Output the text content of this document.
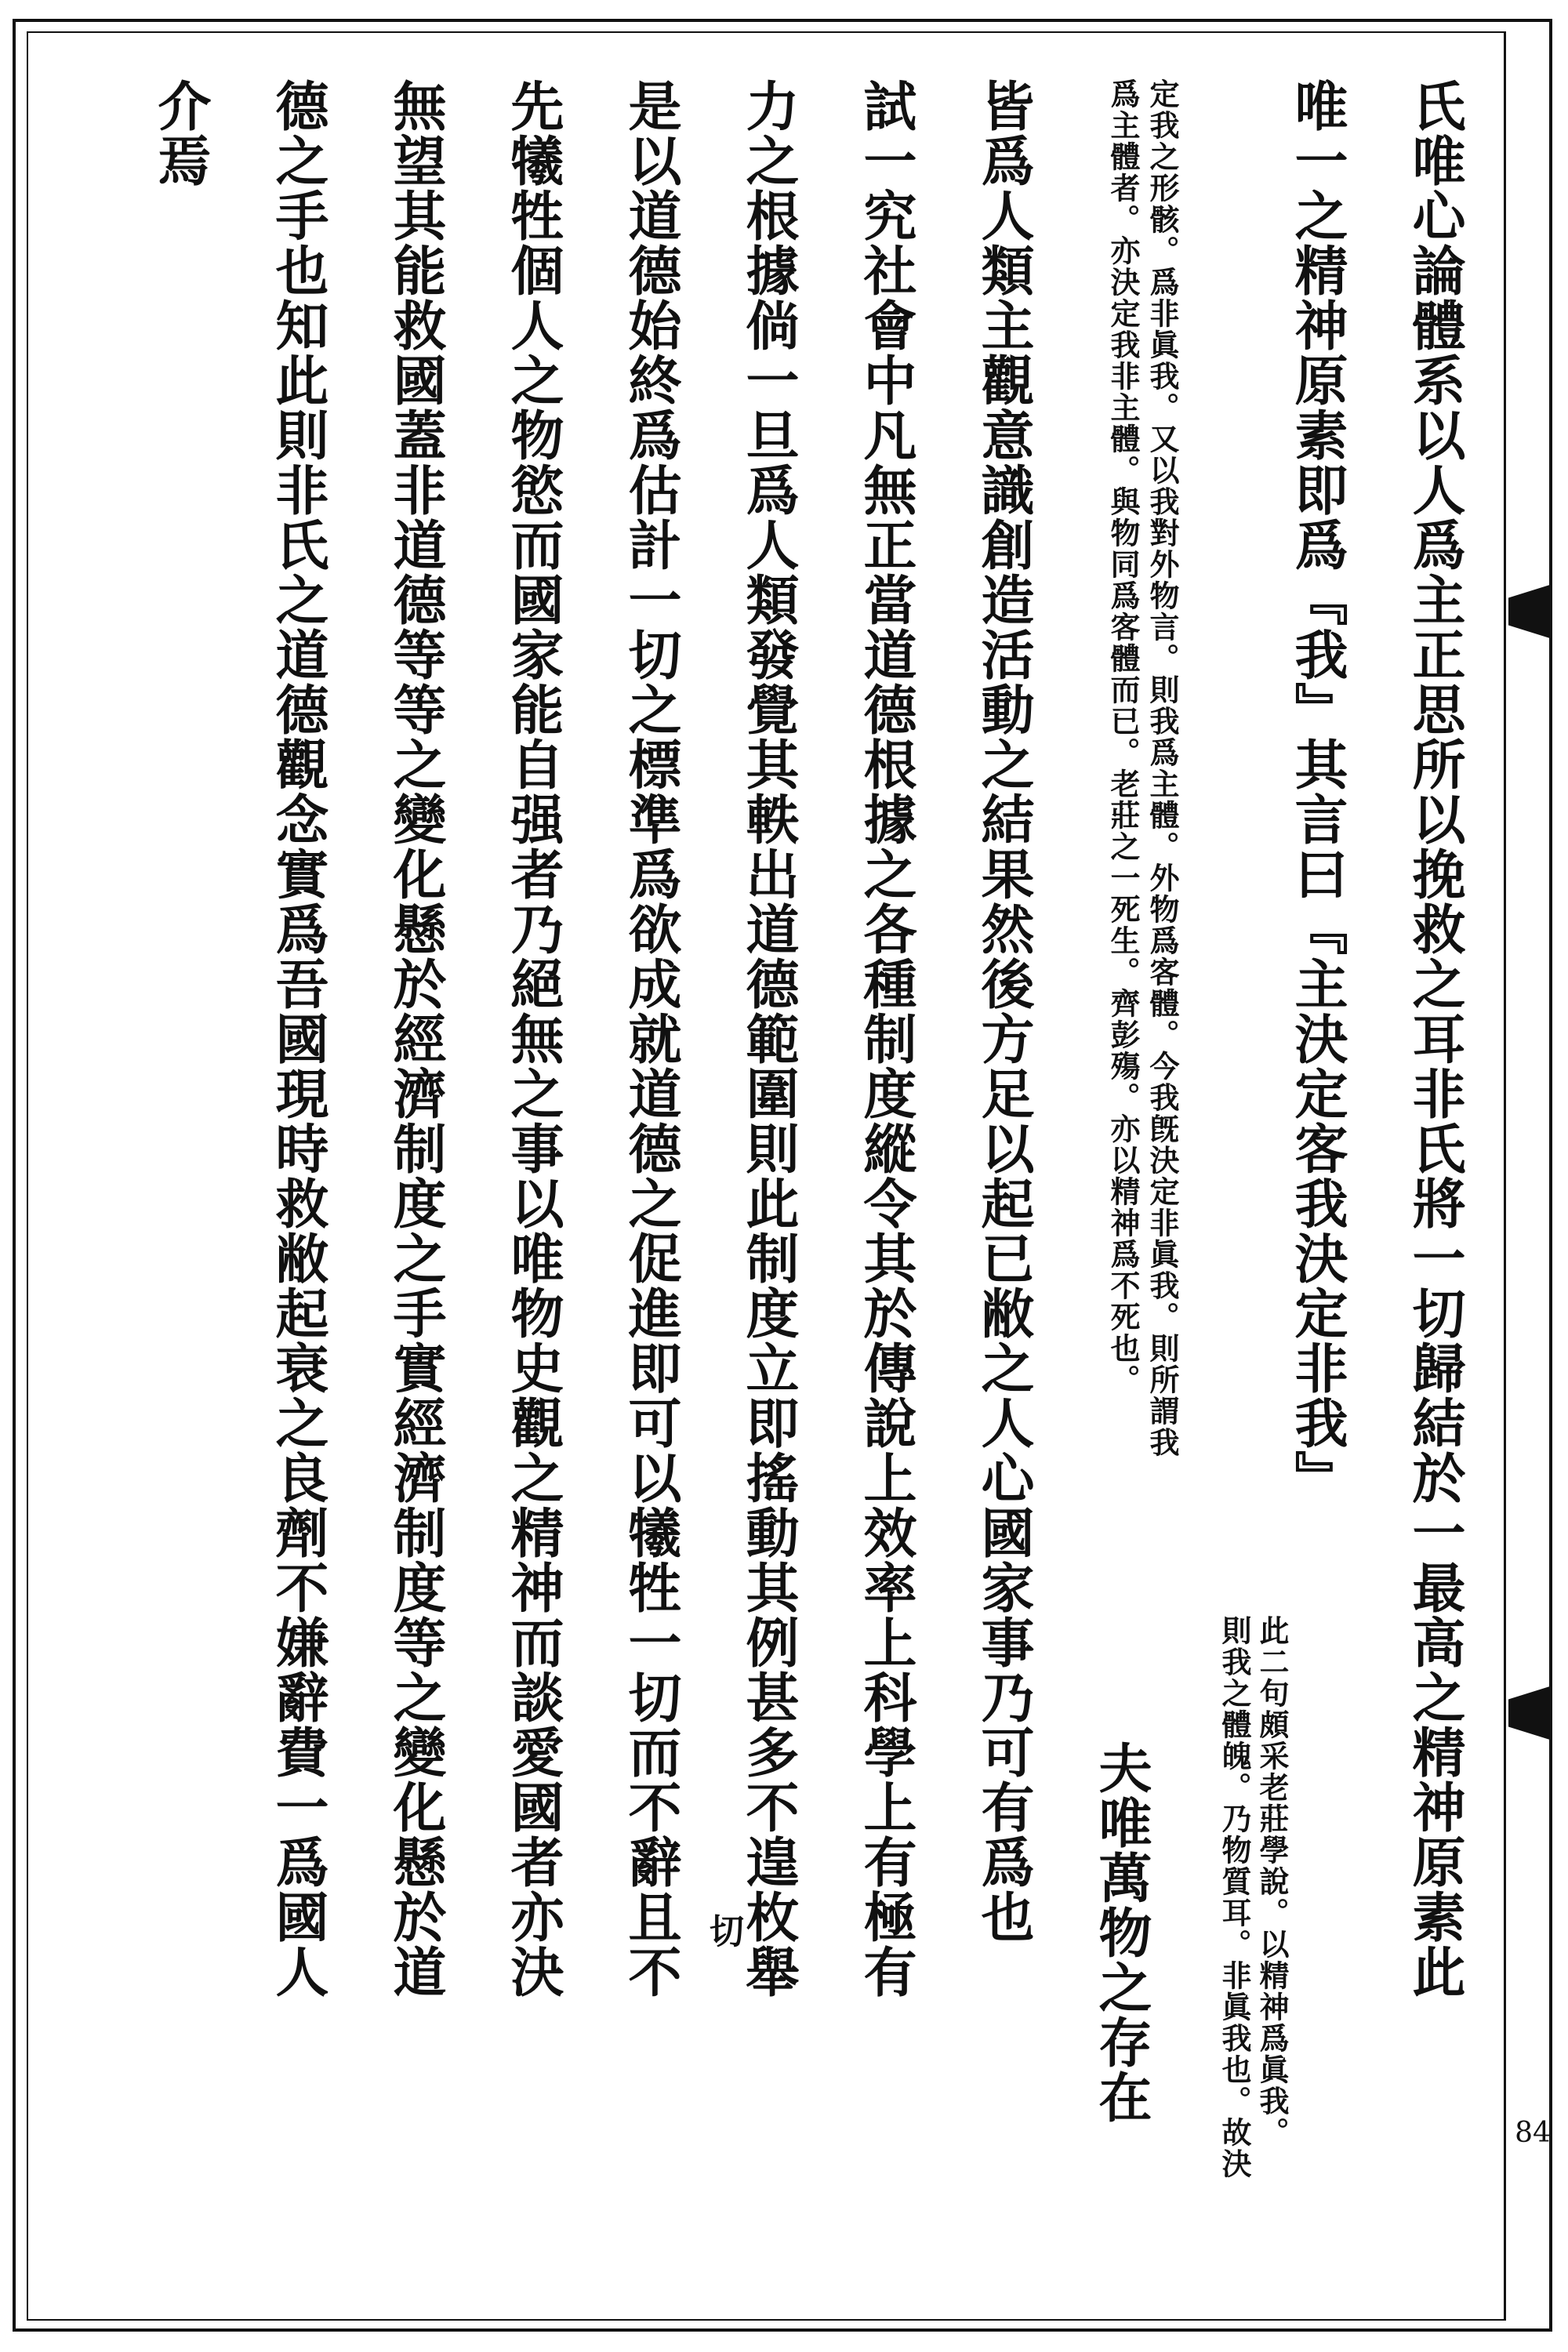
84
氏唯心論體系以人爲主正思所以挽救之耳非氏將一切歸結於一最高之精神原素此
唯一之精神原素即爲『我』其言曰『主決定客我決定非我』
此二句頗采老莊學說。以精神爲眞我。
則我之體魄。乃物質耳。非眞我也。故決
定我之形骸。爲非眞我。又以我對外物言。則我爲主體。外物爲客體。今我旣決定非眞我。則所謂我
爲主體者。亦決定我非主體。與物同爲客體而已。老莊之一死生。齊彭殤。亦以精神爲不死也。
夫唯萬物之存在
皆爲人類主觀意識創造活動之結果然後方足以起已敝之人心國家事乃可有爲也
試一究社會中凡無正當道德根據之各種制度縱令其於傳說上效率上科學上有極有
力之根據倘一旦爲人類發覺其軼出道德範圍則此制度立即搖動其例甚多不遑枚舉
切
是以道德始終爲估計一切之標準爲欲成就道德之促進即可以犧牲一切而不辭且不
先犧牲個人之物慾而國家能自强者乃絕無之事以唯物史觀之精神而談愛國者亦決
無望其能救國蓋非道德等等之變化懸於經濟制度之手實經濟制度等之變化懸於道
德之手也知此則非氏之道德觀念實爲吾國現時救敝起衰之良劑不嫌辭費一爲國人
介焉
